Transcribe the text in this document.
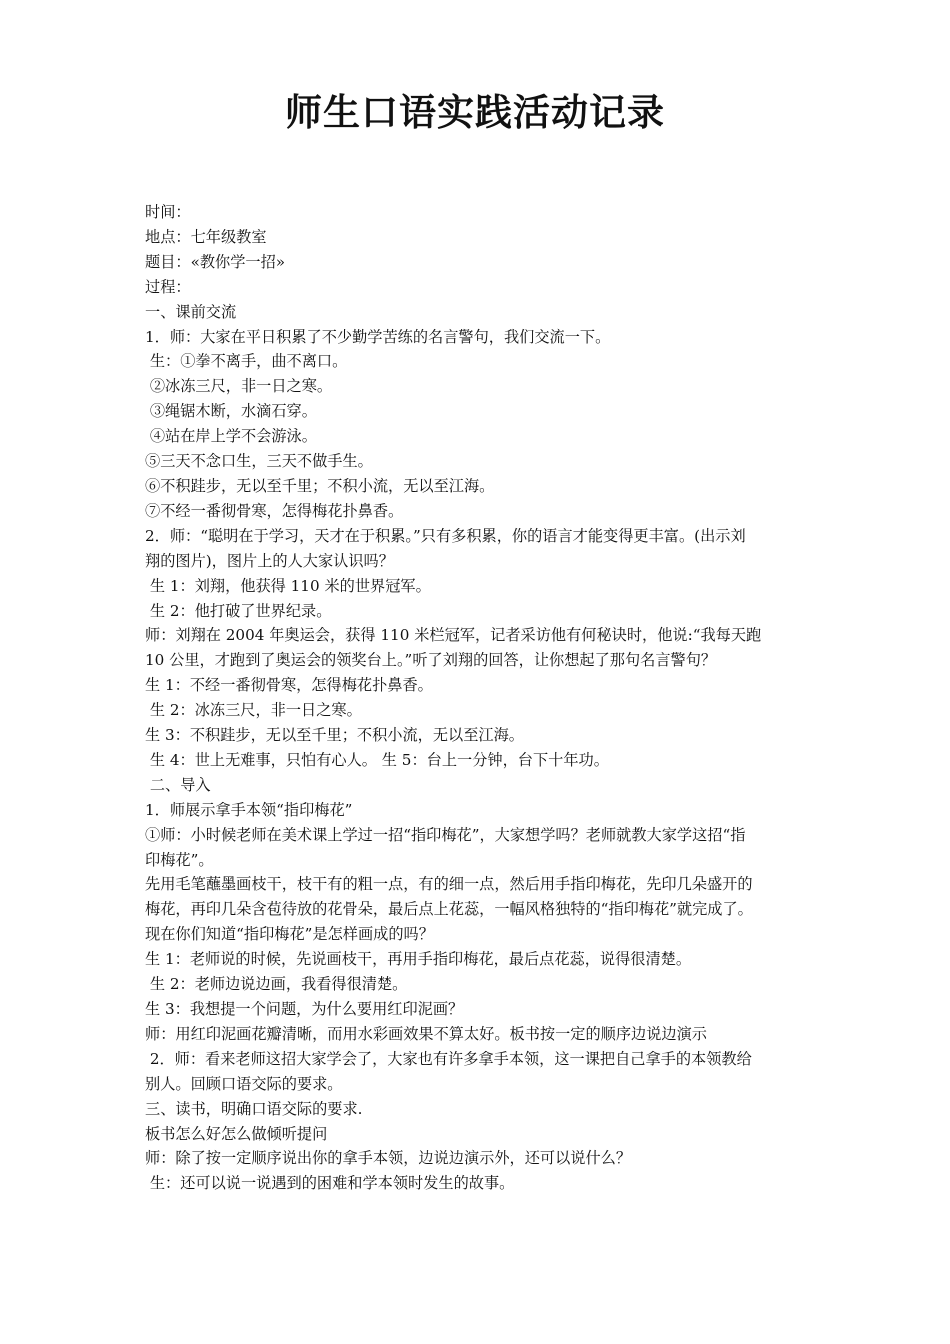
师生口语实践活动记录

时间：

地点：七年级教室

题目：«教你学一招»

过程：

一、课前交流

1．师：大家在平日积累了不少勤学苦练的名言警句，我们交流一下。

生：①拳不离手，曲不离口。

②冰冻三尺，非一日之寒。

③绳锯木断，水滴石穿。

④站在岸上学不会游泳。

⑤三天不念口生，三天不做手生。

⑥不积跬步，无以至千里；不积小流，无以至江海。

⑦不经一番彻骨寒，怎得梅花扑鼻香。

2．师：“聪明在于学习，天才在于积累。”只有多积累，你的语言才能变得更丰富。(出示刘

翔的图片)，图片上的人大家认识吗？

生 1：刘翔，他获得 110 米的世界冠军。

生 2：他打破了世界纪录。

师：刘翔在 2004 年奥运会，获得 110 米栏冠军，记者采访他有何秘诀时，他说:“我每天跑

10 公里，才跑到了奥运会的领奖台上。”听了刘翔的回答，让你想起了那句名言警句？

生 1：不经一番彻骨寒，怎得梅花扑鼻香。

生 2：冰冻三尺，非一日之寒。

生 3：不积跬步，无以至千里；不积小流，无以至江海。

生 4：世上无难事，只怕有心人。 生 5：台上一分钟，台下十年功。

二、导入

1．师展示拿手本领“指印梅花”

①师：小时候老师在美术课上学过一招“指印梅花”，大家想学吗？老师就教大家学这招“指

印梅花”。

先用毛笔蘸墨画枝干，枝干有的粗一点，有的细一点，然后用手指印梅花，先印几朵盛开的

梅花，再印几朵含苞待放的花骨朵，最后点上花蕊，一幅风格独特的“指印梅花”就完成了。

现在你们知道“指印梅花”是怎样画成的吗？

生 1：老师说的时候，先说画枝干，再用手指印梅花，最后点花蕊，说得很清楚。

生 2：老师边说边画，我看得很清楚。

生 3：我想提一个问题，为什么要用红印泥画？

师：用红印泥画花瓣清晰，而用水彩画效果不算太好。板书按一定的顺序边说边演示

2．师：看来老师这招大家学会了，大家也有许多拿手本领，这一课把自己拿手的本领教给

别人。回顾口语交际的要求。

三、读书，明确口语交际的要求.

板书怎么好怎么做倾听提问

师：除了按一定顺序说出你的拿手本领，边说边演示外，还可以说什么？

生：还可以说一说遇到的困难和学本领时发生的故事。
